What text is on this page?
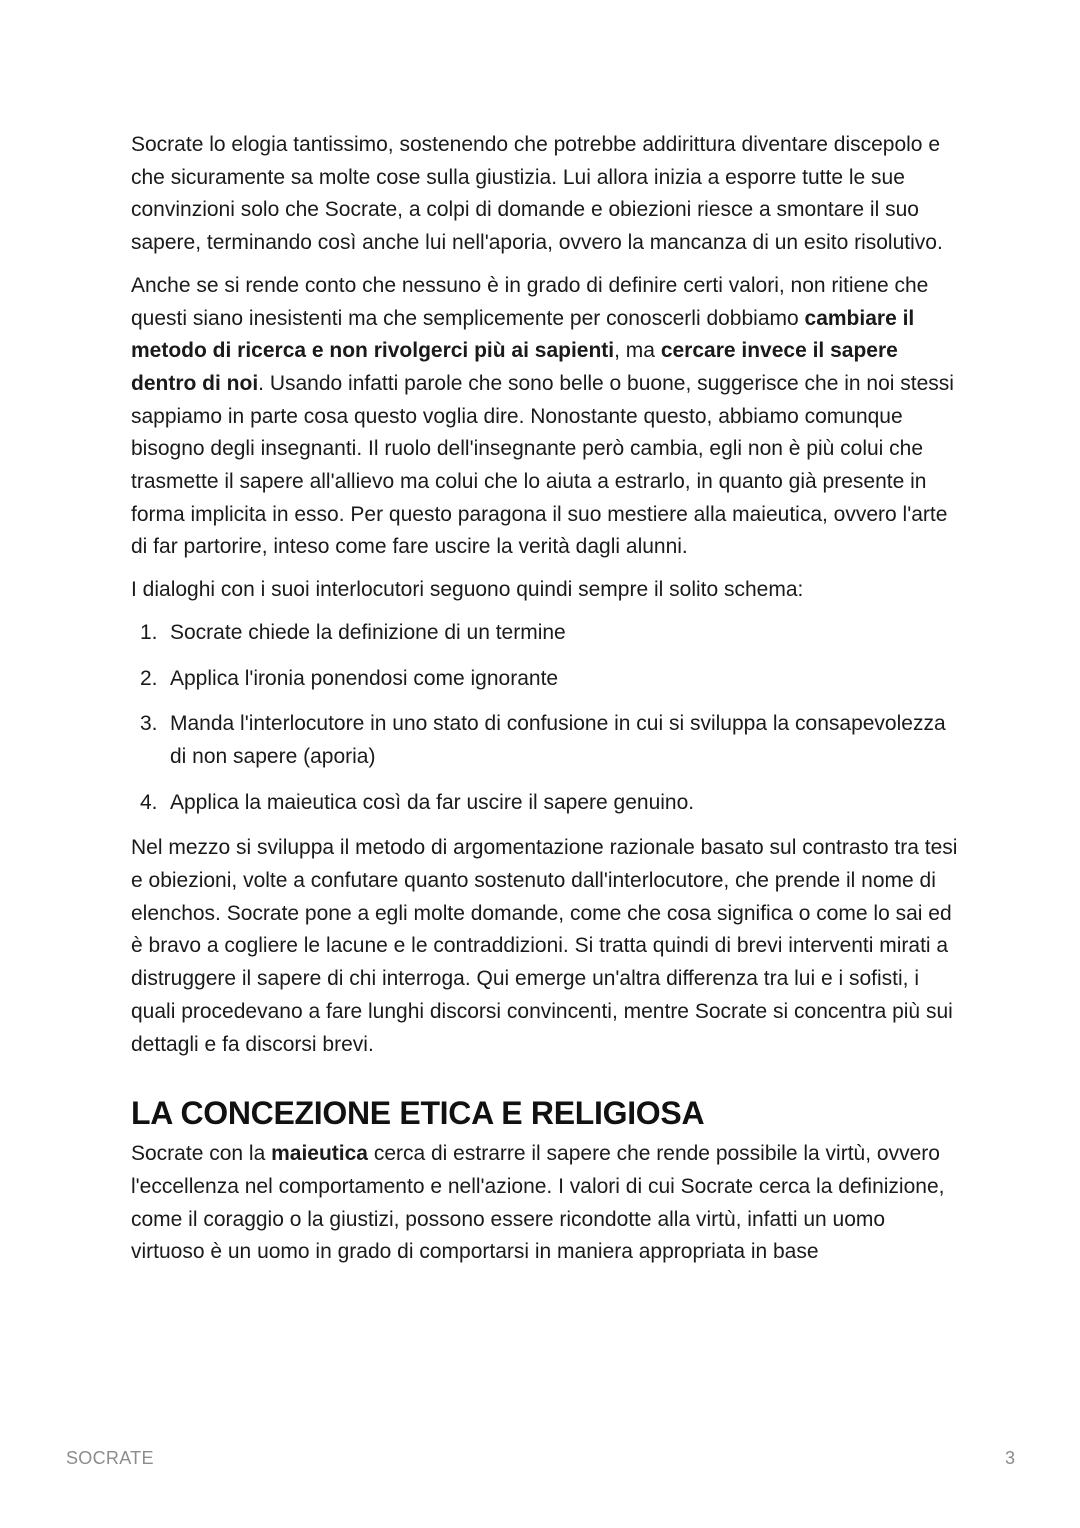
Socrate lo elogia tantissimo, sostenendo che potrebbe addirittura diventare discepolo e che sicuramente sa molte cose sulla giustizia. Lui allora inizia a esporre tutte le sue convinzioni solo che Socrate, a colpi di domande e obiezioni riesce a smontare il suo sapere, terminando così anche lui nell'aporia, ovvero la mancanza di un esito risolutivo.

Anche se si rende conto che nessuno è in grado di definire certi valori, non ritiene che questi siano inesistenti ma che semplicemente per conoscerli dobbiamo cambiare il metodo di ricerca e non rivolgerci più ai sapienti, ma cercare invece il sapere dentro di noi. Usando infatti parole che sono belle o buone, suggerisce che in noi stessi sappiamo in parte cosa questo voglia dire. Nonostante questo, abbiamo comunque bisogno degli insegnanti. Il ruolo dell'insegnante però cambia, egli non è più colui che trasmette il sapere all'allievo ma colui che lo aiuta a estrarlo, in quanto già presente in forma implicita in esso. Per questo paragona il suo mestiere alla maieutica, ovvero l'arte di far partorire, inteso come fare uscire la verità dagli alunni.

I dialoghi con i suoi interlocutori seguono quindi sempre il solito schema:

1. Socrate chiede la definizione di un termine
2. Applica l'ironia ponendosi come ignorante
3. Manda l'interlocutore in uno stato di confusione in cui si sviluppa la consapevolezza di non sapere (aporia)
4. Applica la maieutica così da far uscire il sapere genuino.

Nel mezzo si sviluppa il metodo di argomentazione razionale basato sul contrasto tra tesi e obiezioni, volte a confutare quanto sostenuto dall'interlocutore, che prende il nome di elenchos. Socrate pone a egli molte domande, come che cosa significa o come lo sai ed è bravo a cogliere le lacune e le contraddizioni. Si tratta quindi di brevi interventi mirati a distruggere il sapere di chi interroga. Qui emerge un'altra differenza tra lui e i sofisti, i quali procedevano a fare lunghi discorsi convincenti, mentre Socrate si concentra più sui dettagli e fa discorsi brevi.

LA CONCEZIONE ETICA E RELIGIOSA

Socrate con la maieutica cerca di estrarre il sapere che rende possibile la virtù, ovvero l'eccellenza nel comportamento e nell'azione. I valori di cui Socrate cerca la definizione, come il coraggio o la giustizi, possono essere ricondotte alla virtù, infatti un uomo virtuoso è un uomo in grado di comportarsi in maniera appropriata in base

SOCRATE	3
